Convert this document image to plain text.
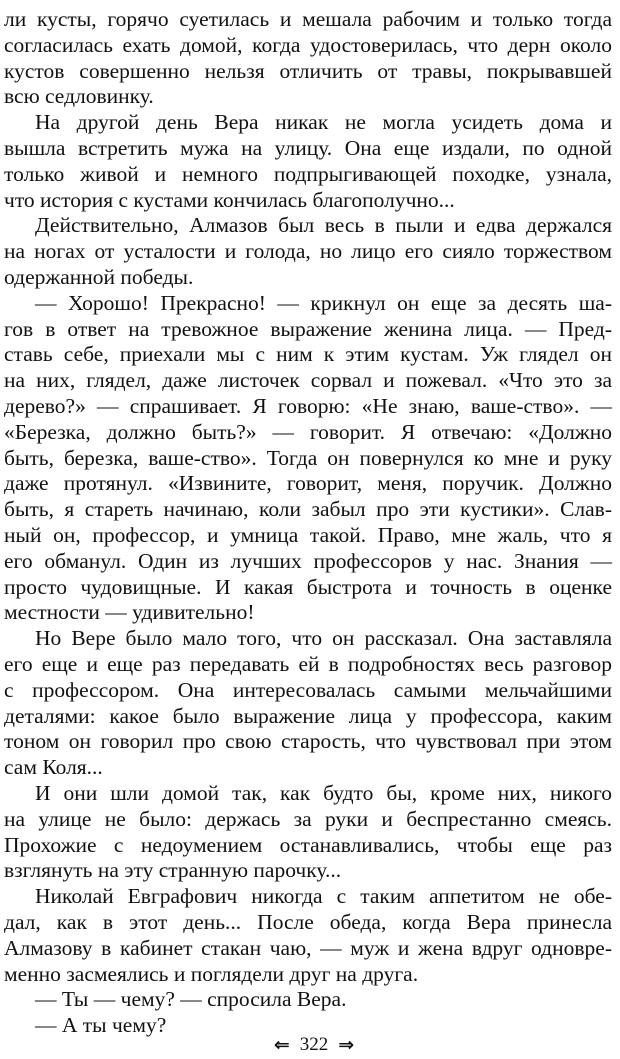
ли кусты, горячо суетилась и мешала рабочим и только тогда
согласилась ехать домой, когда удостоверилась, что дерн около
кустов совершенно нельзя отличить от травы, покрывавшей
всю седловинку.
На другой день Вера никак не могла усидеть дома и
вышла встретить мужа на улицу. Она еще издали, по одной
только живой и немного подпрыгивающей походке, узнала,
что история с кустами кончилась благополучно...
Действительно, Алмазов был весь в пыли и едва держался
на ногах от усталости и голода, но лицо его сияло торжеством
одержанной победы.
— Хорошо! Прекрасно! — крикнул он еще за десять ша-
гов в ответ на тревожное выражение женина лица. — Пред-
ставь себе, приехали мы с ним к этим кустам. Уж глядел он
на них, глядел, даже листочек сорвал и пожевал. «Что это за
дерево?» — спрашивает. Я говорю: «Не знаю, ваше-ство». —
«Березка, должно быть?» — говорит. Я отвечаю: «Должно
быть, березка, ваше-ство». Тогда он повернулся ко мне и руку
даже протянул. «Извините, говорит, меня, поручик. Должно
быть, я стареть начинаю, коли забыл про эти кустики». Слав-
ный он, профессор, и умница такой. Право, мне жаль, что я
его обманул. Один из лучших профессоров у нас. Знания —
просто чудовищные. И какая быстрота и точность в оценке
местности — удивительно!
Но Вере было мало того, что он рассказал. Она заставляла
его еще и еще раз передавать ей в подробностях весь разговор
с профессором. Она интересовалась самыми мельчайшими
деталями: какое было выражение лица у профессора, каким
тоном он говорил про свою старость, что чувствовал при этом
сам Коля...
И они шли домой так, как будто бы, кроме них, никого
на улице не было: держась за руки и беспрестанно смеясь.
Прохожие с недоумением останавливались, чтобы еще раз
взглянуть на эту странную парочку...
Николай Евграфович никогда с таким аппетитом не обе-
дал, как в этот день... После обеда, когда Вера принесла
Алмазову в кабинет стакан чаю, — муж и жена вдруг одновре-
менно засмеялись и поглядели друг на друга.
— Ты — чему? — спросила Вера.
— А ты чему?
⇐ 322 ⇒
